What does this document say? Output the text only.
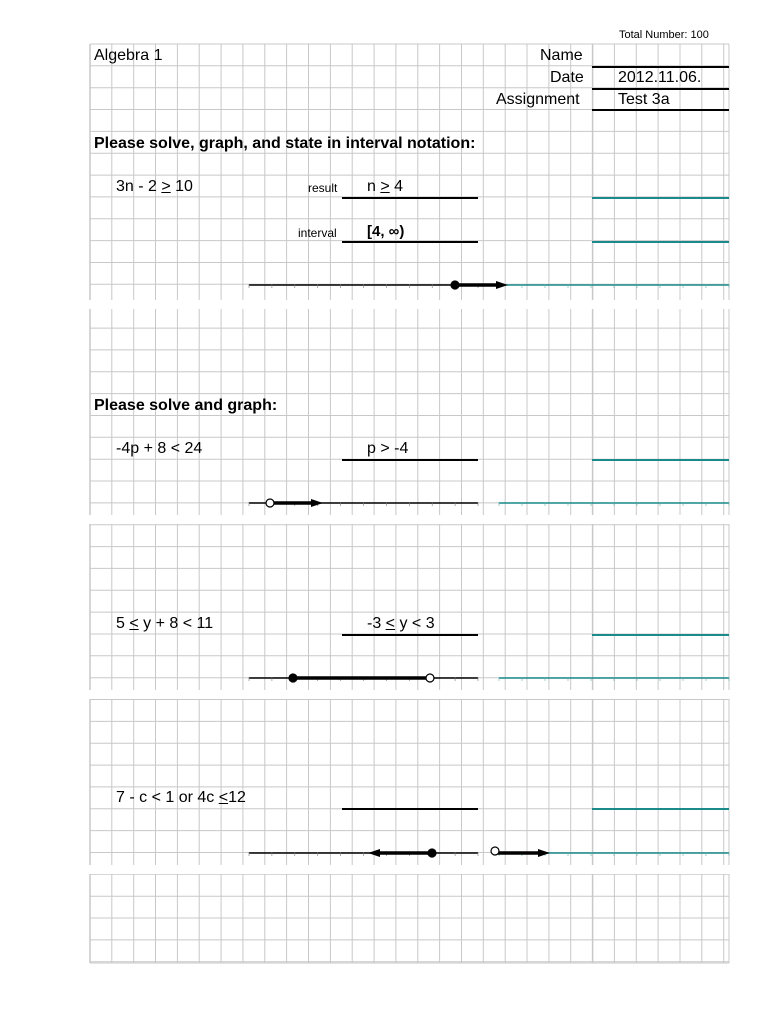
Total Number: 100
Algebra 1	Name
Date 2012.11.06.
Assignment Test 3a
Please solve, graph, and state in interval notation:
3n - 2 > 10	result n > 4
interval [4, ∞)
Please solve and graph:
-4p + 8 < 24	p > -4
5 < y + 8 < 11	-3 < y < 3
7 - c < 1 or 4c <12
